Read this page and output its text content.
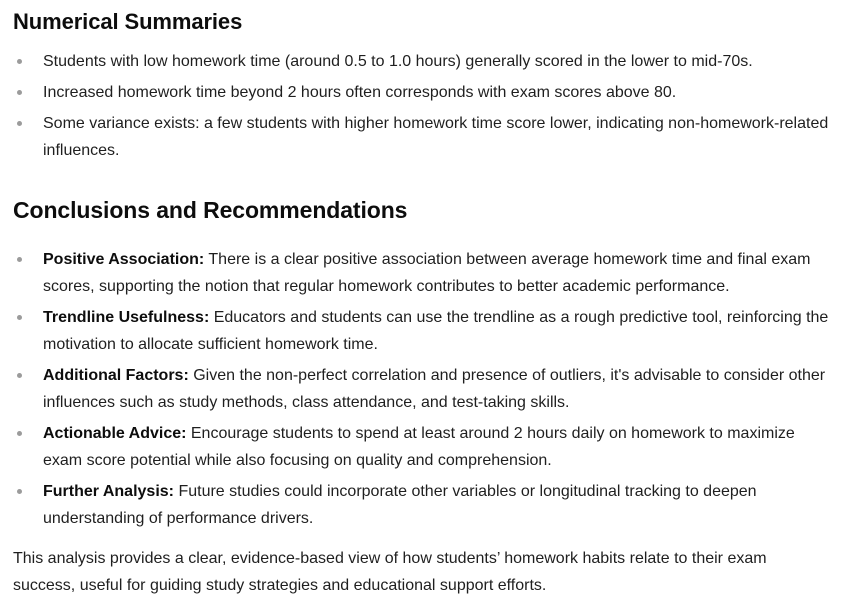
Numerical Summaries
Students with low homework time (around 0.5 to 1.0 hours) generally scored in the lower to mid-70s.
Increased homework time beyond 2 hours often corresponds with exam scores above 80.
Some variance exists: a few students with higher homework time score lower, indicating non-homework-related influences.
Conclusions and Recommendations
Positive Association: There is a clear positive association between average homework time and final exam scores, supporting the notion that regular homework contributes to better academic performance.
Trendline Usefulness: Educators and students can use the trendline as a rough predictive tool, reinforcing the motivation to allocate sufficient homework time.
Additional Factors: Given the non-perfect correlation and presence of outliers, it's advisable to consider other influences such as study methods, class attendance, and test-taking skills.
Actionable Advice: Encourage students to spend at least around 2 hours daily on homework to maximize exam score potential while also focusing on quality and comprehension.
Further Analysis: Future studies could incorporate other variables or longitudinal tracking to deepen understanding of performance drivers.

This analysis provides a clear, evidence-based view of how students’ homework habits relate to their exam success, useful for guiding study strategies and educational support efforts.
